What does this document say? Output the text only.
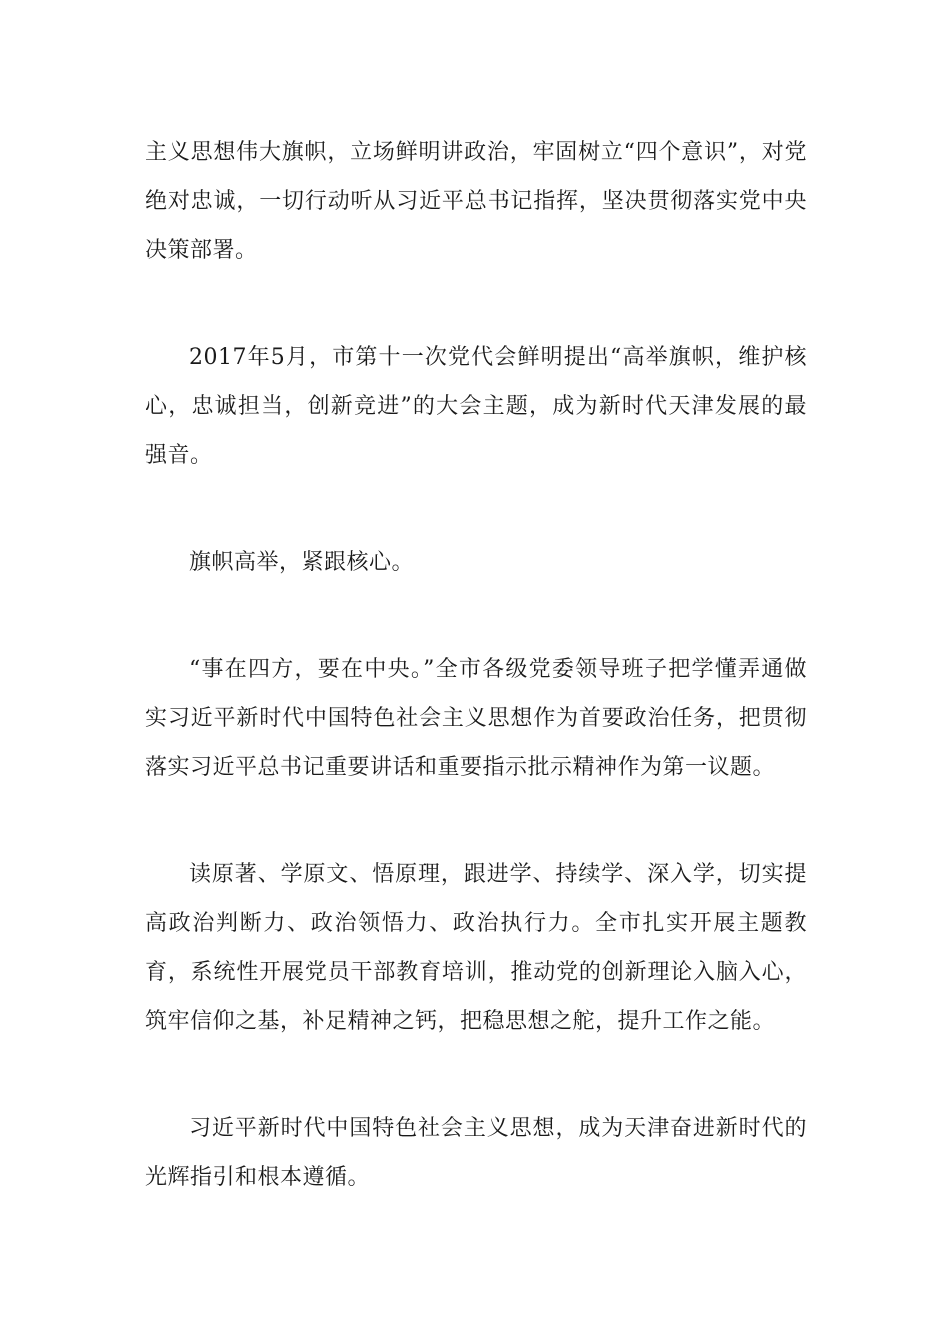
主义思想伟大旗帜，立场鲜明讲政治，牢固树立“四个意识”，对党绝对忠诚，一切行动听从习近平总书记指挥，坚决贯彻落实党中央决策部署。

2017年5月，市第十一次党代会鲜明提出“高举旗帜，维护核心，忠诚担当，创新竞进”的大会主题，成为新时代天津发展的最强音。

旗帜高举，紧跟核心。

“事在四方，要在中央。”全市各级党委领导班子把学懂弄通做实习近平新时代中国特色社会主义思想作为首要政治任务，把贯彻落实习近平总书记重要讲话和重要指示批示精神作为第一议题。

读原著、学原文、悟原理，跟进学、持续学、深入学，切实提高政治判断力、政治领悟力、政治执行力。全市扎实开展主题教育，系统性开展党员干部教育培训，推动党的创新理论入脑入心，筑牢信仰之基，补足精神之钙，把稳思想之舵，提升工作之能。

习近平新时代中国特色社会主义思想，成为天津奋进新时代的光辉指引和根本遵循。
